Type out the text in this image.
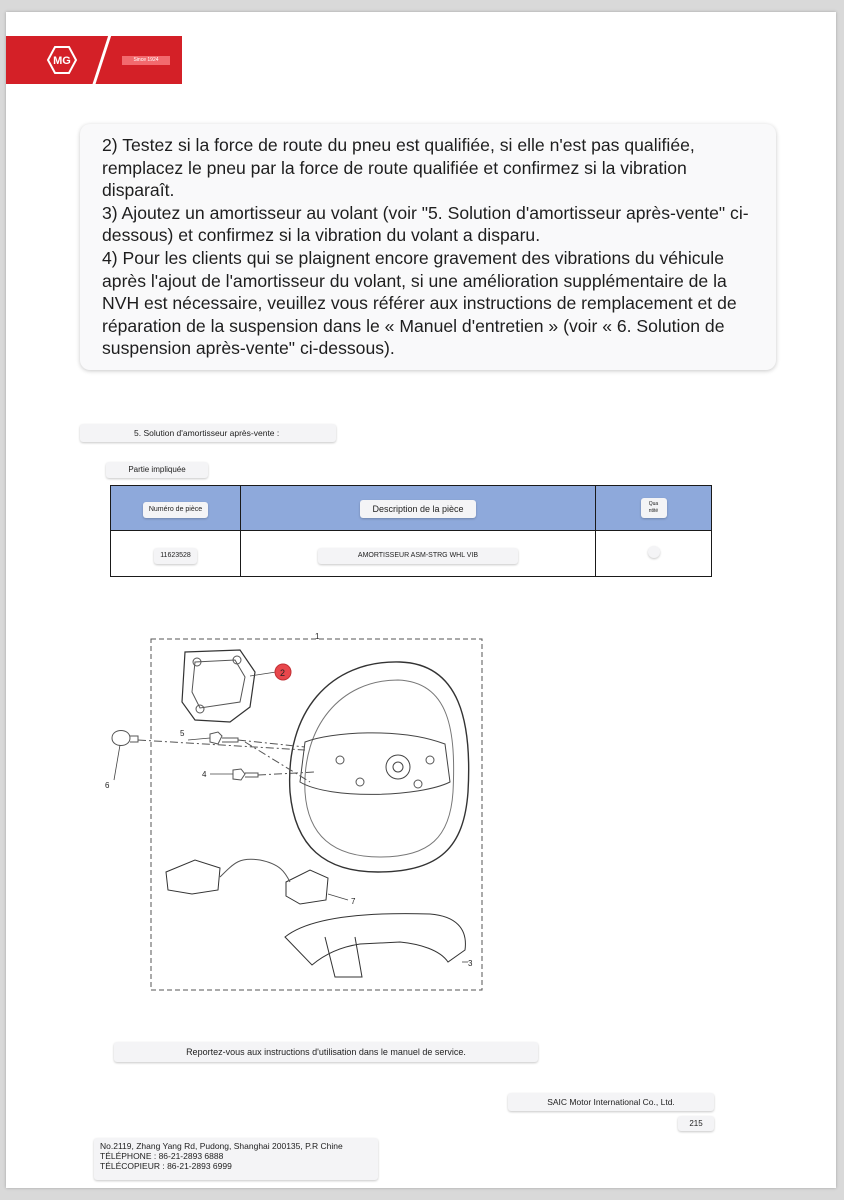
MG	Since 1924

2) Testez si la force de route du pneu est qualifiée, si elle n'est pas qualifiée, remplacez le pneu par la force de route qualifiée et confirmez si la vibration disparaît.

3) Ajoutez un amortisseur au volant (voir "5. Solution d'amortisseur après-vente" ci-dessous) et confirmez si la vibration du volant a disparu.

4) Pour les clients qui se plaignent encore gravement des vibrations du véhicule après l'ajout de l'amortisseur du volant, si une amélioration supplémentaire de la NVH est nécessaire, veuillez vous référer aux instructions de remplacement et de réparation de la suspension dans le « Manuel d'entretien » (voir « 6. Solution de suspension après-vente" ci-dessous).

5. Solution d'amortisseur après-vente :
Partie impliquée
Numéro de pièce	Description de la pièce	Qua ntité
11623528	AMORTISSEUR ASM-STRG WHL VIB	
1
2
3
4
5
6
7
Reportez-vous aux instructions d'utilisation dans le manuel de service.
SAIC Motor International Co., Ltd.
215
No.2119, Zhang Yang Rd, Pudong, Shanghai 200135, P.R Chine
TÉLÉPHONE : 86-21-2893 6888
TÉLÉCOPIEUR : 86-21-2893 6999
